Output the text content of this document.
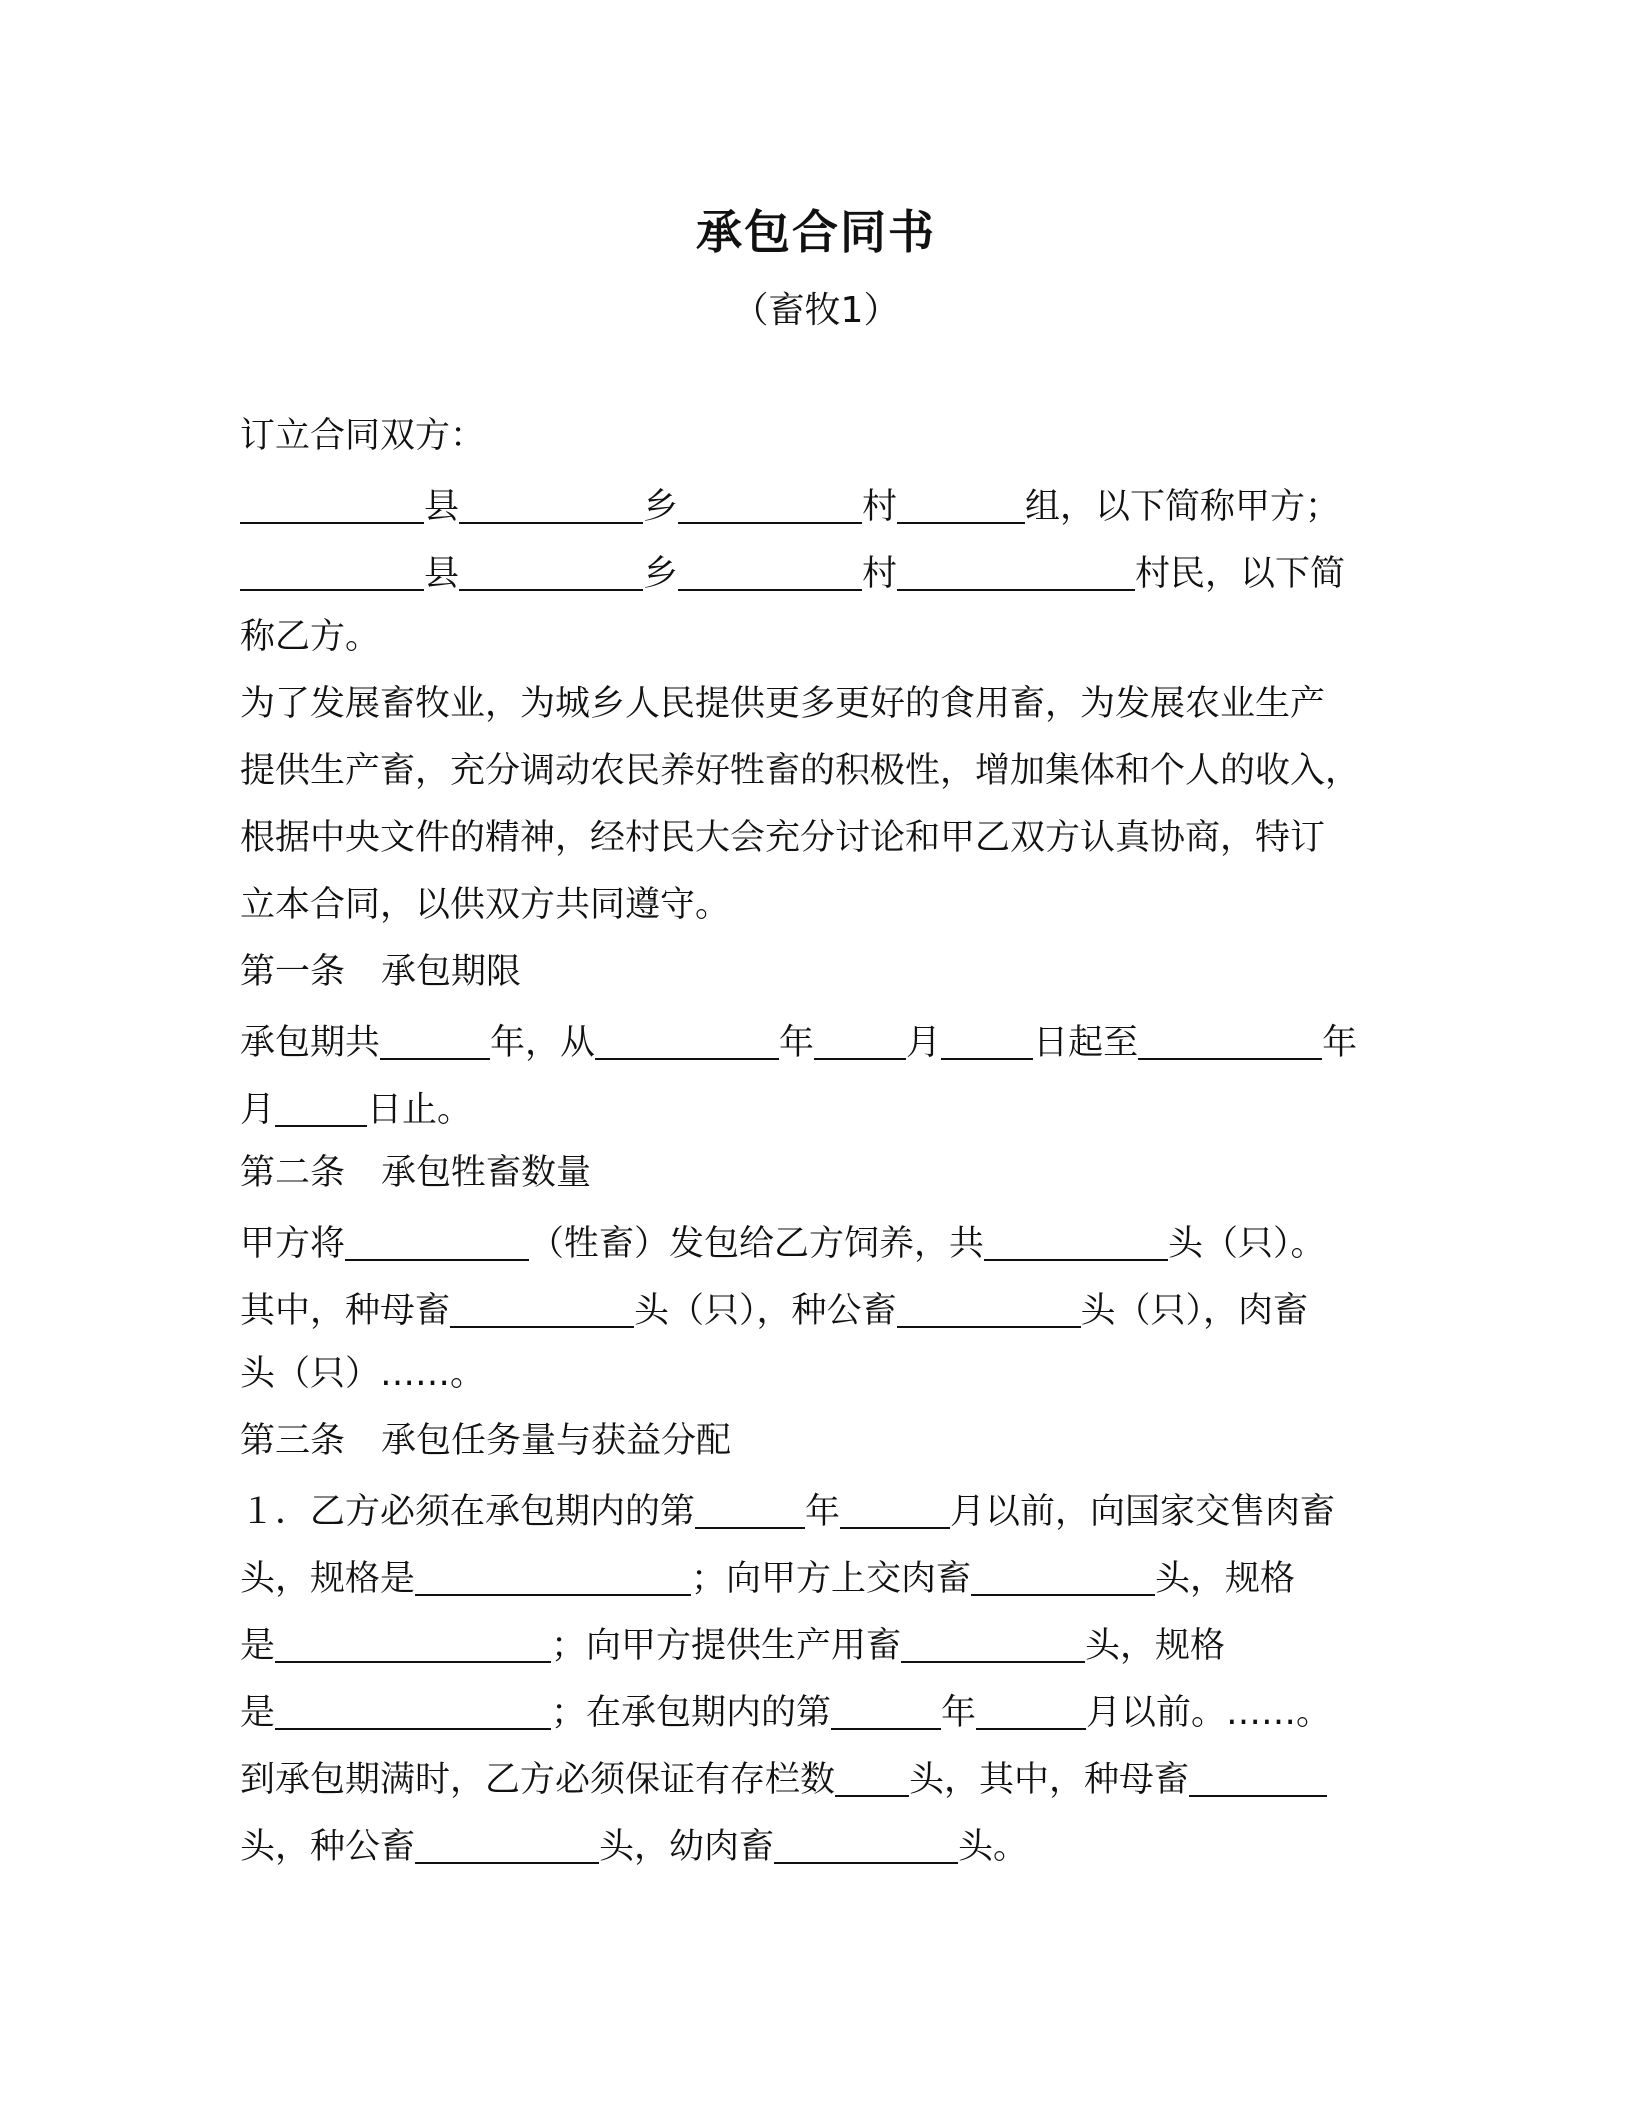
承包合同书
（畜牧1）
订立合同双方：
县	乡	村	组，以下简称甲方；
县	乡	村	村民，以下简
称乙方。
为了发展畜牧业，为城乡人民提供更多更好的食用畜，为发展农业生产
提供生产畜，充分调动农民养好牲畜的积极性，增加集体和个人的收入，
根据中央文件的精神，经村民大会充分讨论和甲乙双方认真协商，特订
立本合同，以供双方共同遵守。
第一条 承包期限
承包期共	年，从	年	月	日起至	年
月	日止。
第二条 承包牲畜数量
甲方将	（牲畜）发包给乙方饲养，共	头（只）。
其中，种母畜	头（只），种公畜	头（只），肉畜
头（只）……。
第三条 承包任务量与获益分配
１．乙方必须在承包期内的第	年	月以前，向国家交售肉畜
头，规格是	；向甲方上交肉畜	头，规格
是	；向甲方提供生产用畜	头，规格
是	；在承包期内的第	年	月以前。……。
到承包期满时，乙方必须保证有存栏数 头，其中，种母畜
头，种公畜	头，幼肉畜	头。
